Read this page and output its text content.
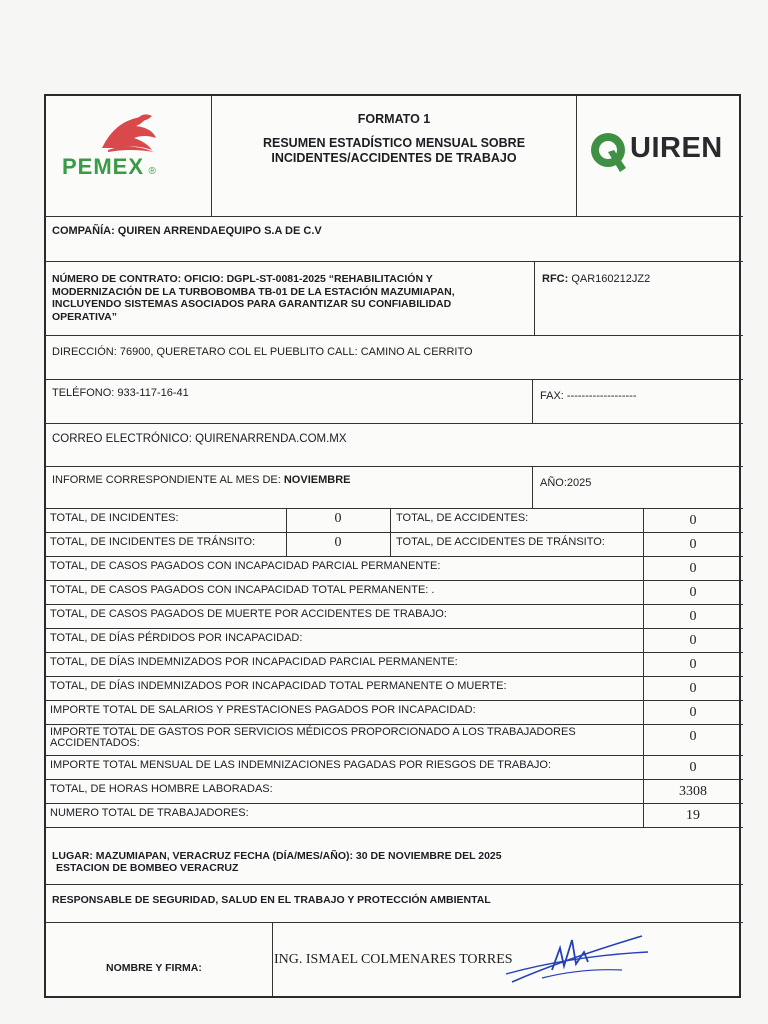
PEMEX ®
FORMATO 1
RESUMEN ESTADÍSTICO MENSUAL SOBRE
INCIDENTES/ACCIDENTES DE TRABAJO
Q
UIREN
COMPAÑÍA: QUIREN ARRENDAEQUIPO S.A DE C.V
NÚMERO DE CONTRATO: OFICIO: DGPL-ST-0081-2025 “REHABILITACIÓN Y
MODERNIZACIÓN DE LA TURBOBOMBA TB-01 DE LA ESTACIÓN MAZUMIAPAN,
INCLUYENDO SISTEMAS ASOCIADOS PARA GARANTIZAR SU CONFIABILIDAD
OPERATIVA”
RFC: QAR160212JZ2
DIRECCIÓN: 76900, QUERETARO COL EL PUEBLITO CALL: CAMINO AL CERRITO
TELÉFONO: 933-117-16-41	FAX: -------------------
CORREO ELECTRÓNICO: QUIRENARRENDA.COM.MX
INFORME CORRESPONDIENTE AL MES DE: NOVIEMBRE	AÑO:2025
TOTAL, DE INCIDENTES:	0	TOTAL, DE ACCIDENTES:	0
TOTAL, DE INCIDENTES DE TRÁNSITO:	0	TOTAL, DE ACCIDENTES DE TRÁNSITO:	0
TOTAL, DE CASOS PAGADOS CON INCAPACIDAD PARCIAL PERMANENTE:	0
TOTAL, DE CASOS PAGADOS CON INCAPACIDAD TOTAL PERMANENTE: .	0
TOTAL, DE CASOS PAGADOS DE MUERTE POR ACCIDENTES DE TRABAJO:	0
TOTAL, DE DÍAS PÉRDIDOS POR INCAPACIDAD:	0
TOTAL, DE DÍAS INDEMNIZADOS POR INCAPACIDAD PARCIAL PERMANENTE:	0
TOTAL, DE DÍAS INDEMNIZADOS POR INCAPACIDAD TOTAL PERMANENTE O MUERTE:	0
IMPORTE TOTAL DE SALARIOS Y PRESTACIONES PAGADOS POR INCAPACIDAD:	0
IMPORTE TOTAL DE GASTOS POR SERVICIOS MÉDICOS PROPORCIONADO A LOS TRABAJADORES
ACCIDENTADOS:	0
IMPORTE TOTAL MENSUAL DE LAS INDEMNIZACIONES PAGADAS POR RIESGOS DE TRABAJO:	0
TOTAL, DE HORAS HOMBRE LABORADAS:	3308
NUMERO TOTAL DE TRABAJADORES:	19
LUGAR: MAZUMIAPAN, VERACRUZ FECHA (DÍA/MES/AÑO): 30 DE NOVIEMBRE DEL 2025
ESTACION DE BOMBEO VERACRUZ
RESPONSABLE DE SEGURIDAD, SALUD EN EL TRABAJO Y PROTECCIÓN AMBIENTAL
NOMBRE Y FIRMA:
ING. ISMAEL COLMENARES TORRES
